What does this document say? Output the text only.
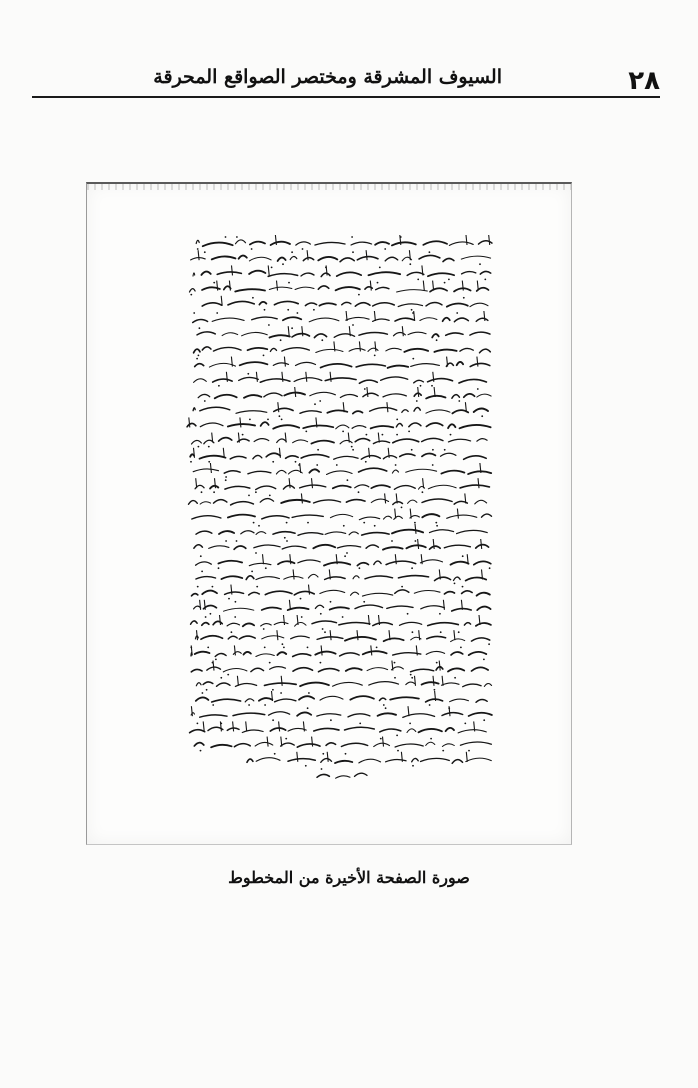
٢٨
السيوف المشرقة ومختصر الصواقع المحرقة
صورة الصفحة الأخيرة من المخطوط
